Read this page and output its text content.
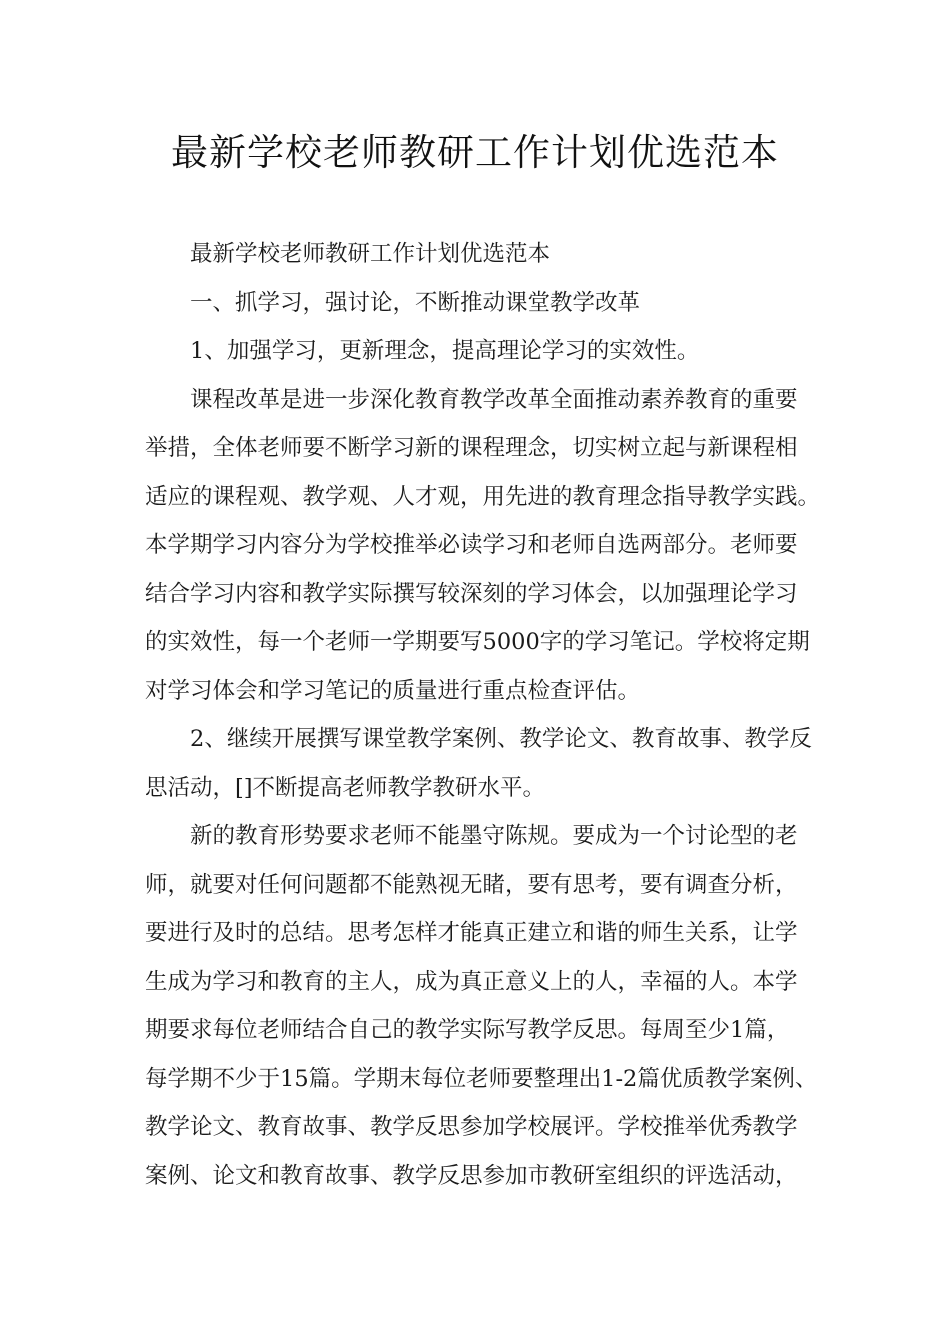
最新学校老师教研工作计划优选范本
最新学校老师教研工作计划优选范本
一、抓学习，强讨论，不断推动课堂教学改革
1、加强学习，更新理念，提高理论学习的实效性。
课程改革是进一步深化教育教学改革全面推动素养教育的重要
举措，全体老师要不断学习新的课程理念，切实树立起与新课程相
适应的课程观、教学观、人才观，用先进的教育理念指导教学实践。
本学期学习内容分为学校推举必读学习和老师自选两部分。老师要
结合学习内容和教学实际撰写较深刻的学习体会，以加强理论学习
的实效性，每一个老师一学期要写5000字的学习笔记。学校将定期
对学习体会和学习笔记的质量进行重点检查评估。
2、继续开展撰写课堂教学案例、教学论文、教育故事、教学反
思活动，[]不断提高老师教学教研水平。
新的教育形势要求老师不能墨守陈规。要成为一个讨论型的老
师，就要对任何问题都不能熟视无睹，要有思考，要有调查分析，
要进行及时的总结。思考怎样才能真正建立和谐的师生关系，让学
生成为学习和教育的主人，成为真正意义上的人，幸福的人。本学
期要求每位老师结合自己的教学实际写教学反思。每周至少1篇，
每学期不少于15篇。学期末每位老师要整理出1-2篇优质教学案例、
教学论文、教育故事、教学反思参加学校展评。学校推举优秀教学
案例、论文和教育故事、教学反思参加市教研室组织的评选活动，
